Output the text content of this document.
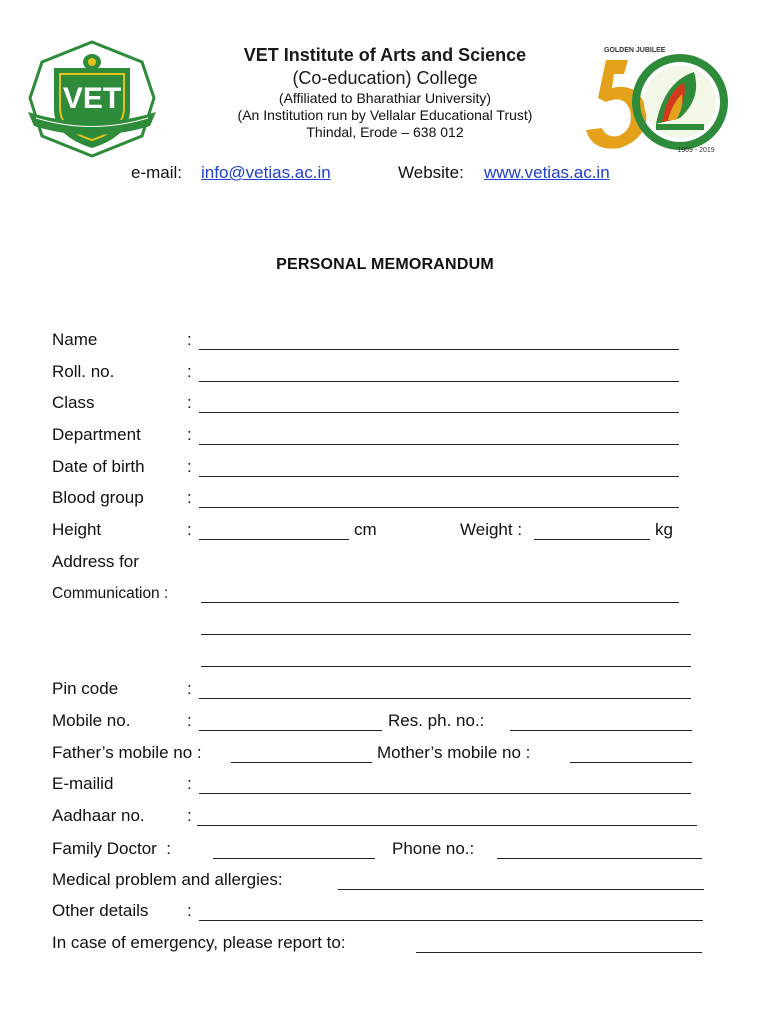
VET
GOLDEN JUBILEE
1969 - 2019
VET Institute of Arts and Science
(Co-education) College
(Affiliated to Bharathiar University)
(An Institution run by Vellalar Educational Trust)
Thindal, Erode – 638 012
e-mail: info@vetias.ac.in	Website: www.vetias.ac.in
PERSONAL MEMORANDUM
Name	:
Roll. no.	:
Class	:
Department	:
Date of birth :
Blood group	:
Height	:	cm	Weight :	kg
Address for
Communication :
Pin code	:
Mobile no.	:	Res. ph. no.:
Father’s mobile no :	Mother’s mobile no :
E-mailid	:
Aadhaar no. :
Family Doctor  :	Phone no.:
Medical problem and allergies:
Other details :
In case of emergency, please report to:
